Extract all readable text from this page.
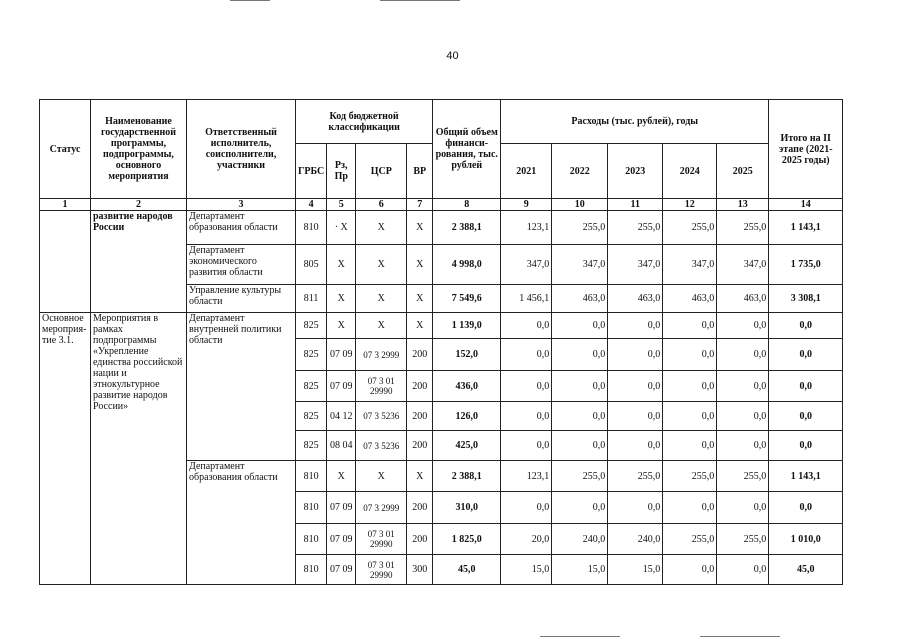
40
Статус	Наименование государственной программы, подпрограммы, основного мероприятия	Ответственный исполнитель, соисполнители, участники	Код бюджетной классификации				Общий объем финанси-рования, тыс. рублей	Расходы (тыс. рублей), годы					Итого на II этапе (2021-2025 годы)
			ГРБС	Рз, Пр	ЦСР	ВР		2021	2022	2023	2024	2025	
1	2	3	4	5	6	7	8	9	10	11	12	13	14
	развитие народов России	Департамент образования области	810	· Х	Х	Х	2 388,1	123,1	255,0	255,0	255,0	255,0	1 143,1
		Департамент экономического развития области	805	Х	Х	Х	4 998,0	347,0	347,0	347,0	347,0	347,0	1 735,0
		Управление культуры области	811	Х	Х	Х	7 549,6	1 456,1	463,0	463,0	463,0	463,0	3 308,1
Основное мероприя-тие 3.1.	Мероприятия в рамках подпрограммы «Укрепление единства российской нации и этнокультурное развитие народов России»	Департамент внутренней политики области	825	Х	Х	Х	1 139,0	0,0	0,0	0,0	0,0	0,0	0,0
			825	07 09	07 3 2999	200	152,0	0,0	0,0	0,0	0,0	0,0	0,0
			825	07 09	07 3 01 29990	200	436,0	0,0	0,0	0,0	0,0	0,0	0,0
			825	04 12	07 3 5236	200	126,0	0,0	0,0	0,0	0,0	0,0	0,0
			825	08 04	07 3 5236	200	425,0	0,0	0,0	0,0	0,0	0,0	0,0
		Департамент образования области	810	Х	Х	Х	2 388,1	123,1	255,0	255,0	255,0	255,0	1 143,1
			810	07 09	07 3 2999	200	310,0	0,0	0,0	0,0	0,0	0,0	0,0
			810	07 09	07 3 01 29990	200	1 825,0	20,0	240,0	240,0	255,0	255,0	1 010,0
			810	07 09	07 3 01 29990	300	45,0	15,0	15,0	15,0	0,0	0,0	45,0
